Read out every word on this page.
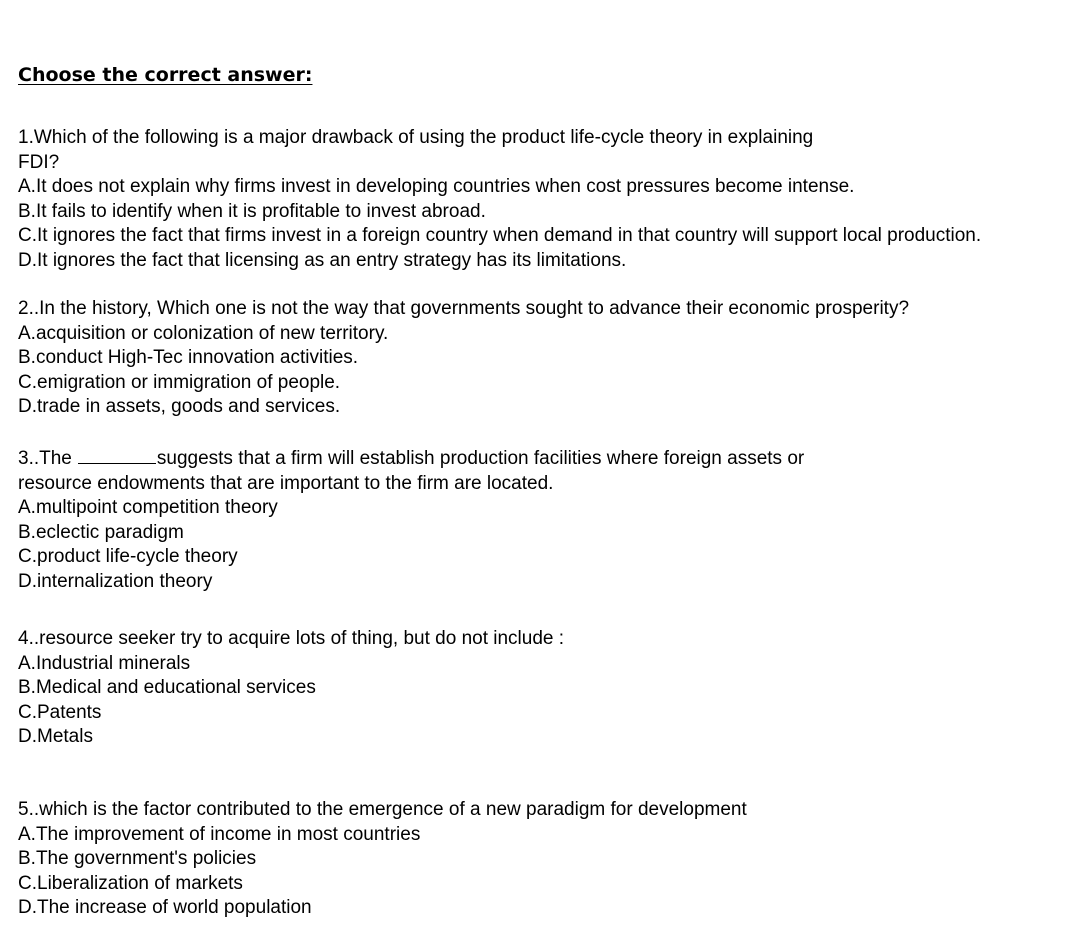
Choose the correct answer:
1.Which of the following is a major drawback of using the product life-cycle theory in explaining
FDI?
A.It does not explain why firms invest in developing countries when cost pressures become intense.
B.It fails to identify when it is profitable to invest abroad.
C.It ignores the fact that firms invest in a foreign country when demand in that country will support local production.
D.It ignores the fact that licensing as an entry strategy has its limitations.
2..In the history, Which one is not the way that governments sought to advance their economic prosperity?
A.acquisition or colonization of new territory.
B.conduct High-Tec innovation activities.
C.emigration or immigration of people.
D.trade in assets, goods and services.
3..The	suggests that a firm will establish production facilities where foreign assets or
resource endowments that are important to the firm are located.
A.multipoint competition theory
B.eclectic paradigm
C.product life-cycle theory
D.internalization theory
4..resource seeker try to acquire lots of thing, but do not include :
A.Industrial minerals
B.Medical and educational services
C.Patents
D.Metals
5..which is the factor contributed to the emergence of a new paradigm for development
A.The improvement of income in most countries
B.The government's policies
C.Liberalization of markets
D.The increase of world population
